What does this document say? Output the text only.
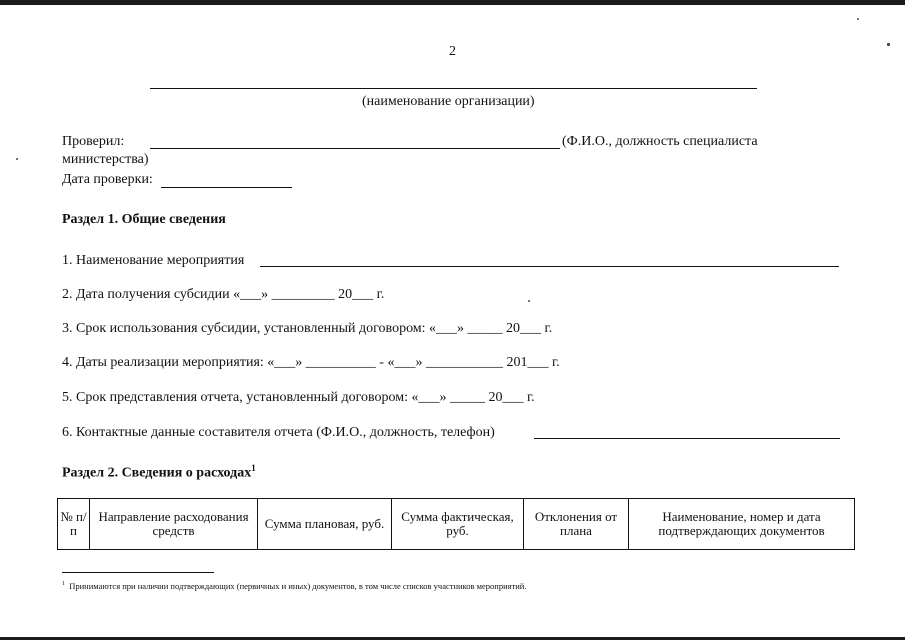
2
(наименование организации)
Проверил:	(Ф.И.О., должность специалиста
министерства)
Дата проверки:
Раздел 1. Общие сведения
1. Наименование мероприятия
2. Дата получения субсидии «___» _________ 20___ г.
3. Срок использования субсидии, установленный договором: «___» _____ 20___ г.
4. Даты реализации мероприятия: «___» __________ - «___» ___________ 201___ г.
5. Срок представления отчета, установленный договором: «___» _____ 20___ г.
6. Контактные данные составителя отчета (Ф.И.О., должность, телефон)
Раздел 2. Сведения о расходах$^1$
№ п/п	Направление расходования средств	Сумма плановая, руб.	Сумма фактическая, руб.	Отклонения от плана	Наименование, номер и дата подтверждающих документов
$^1$ Принимаются при наличии подтверждающих (первичных и иных) документов, в том числе списков участников мероприятий.
